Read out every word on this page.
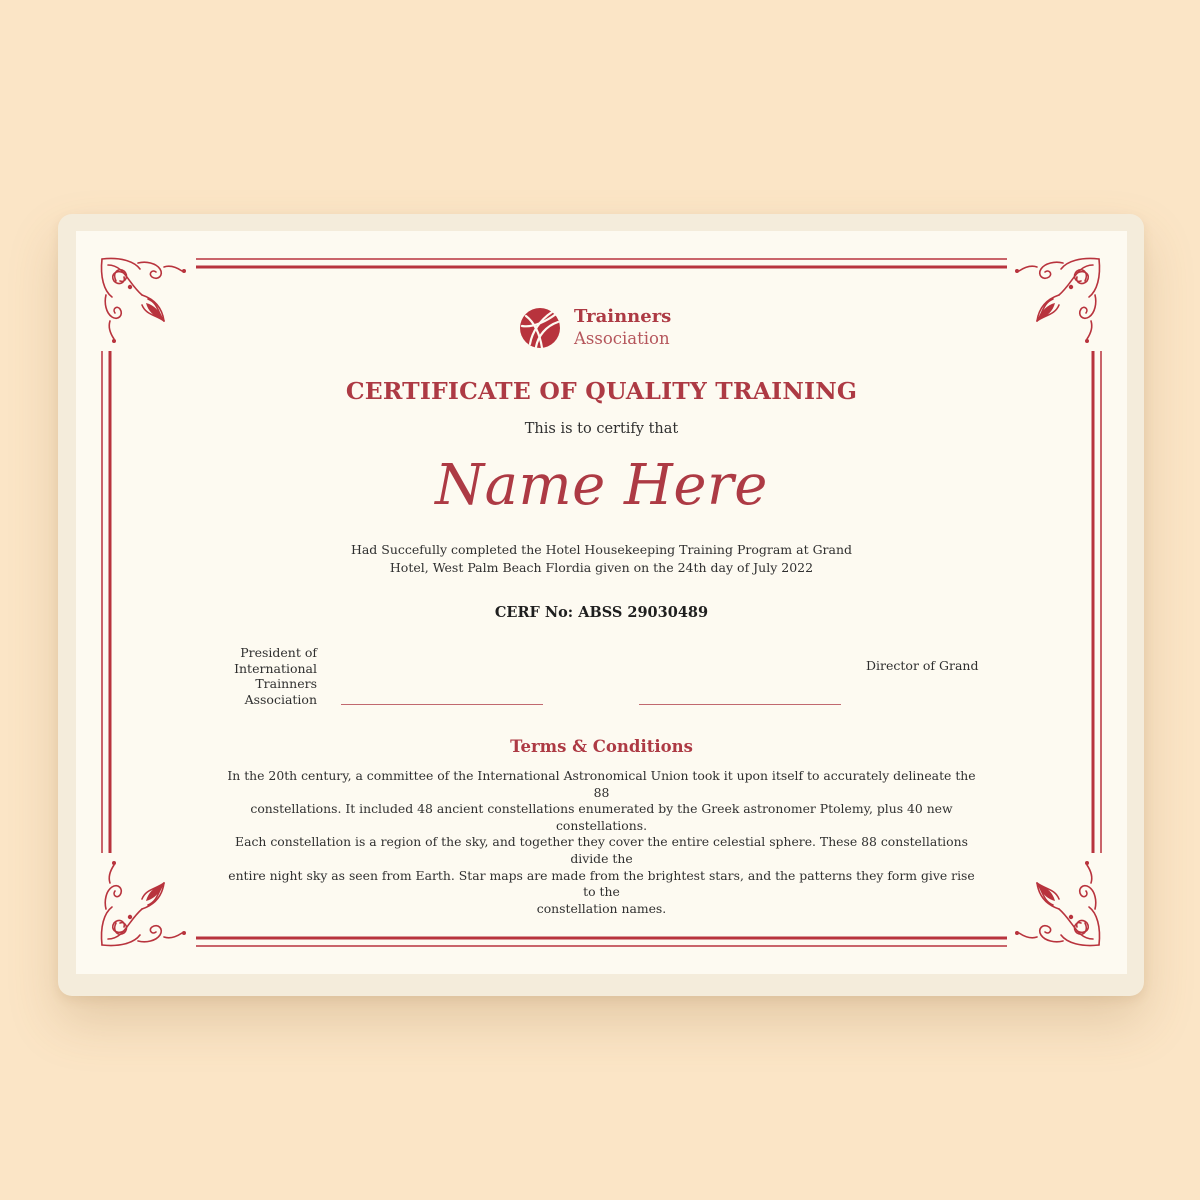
Trainners
Association
CERTIFICATE OF QUALITY TRAINING
This is to certify that
Name Here
Had Succefully completed the Hotel Housekeeping Training Program at Grand
Hotel, West Palm Beach Flordia given on the 24th day of July 2022
CERF No: ABSS 29030489
President of
International
Trainners
Association
Director of Grand
Terms & Conditions
In the 20th century, a committee of the International Astronomical Union took it upon itself to accurately delineate the 88
constellations. It included 48 ancient constellations enumerated by the Greek astronomer Ptolemy, plus 40 new constellations.
Each constellation is a region of the sky, and together they cover the entire celestial sphere. These 88 constellations divide the
entire night sky as seen from Earth. Star maps are made from the brightest stars, and the patterns they form give rise to the
constellation names.
